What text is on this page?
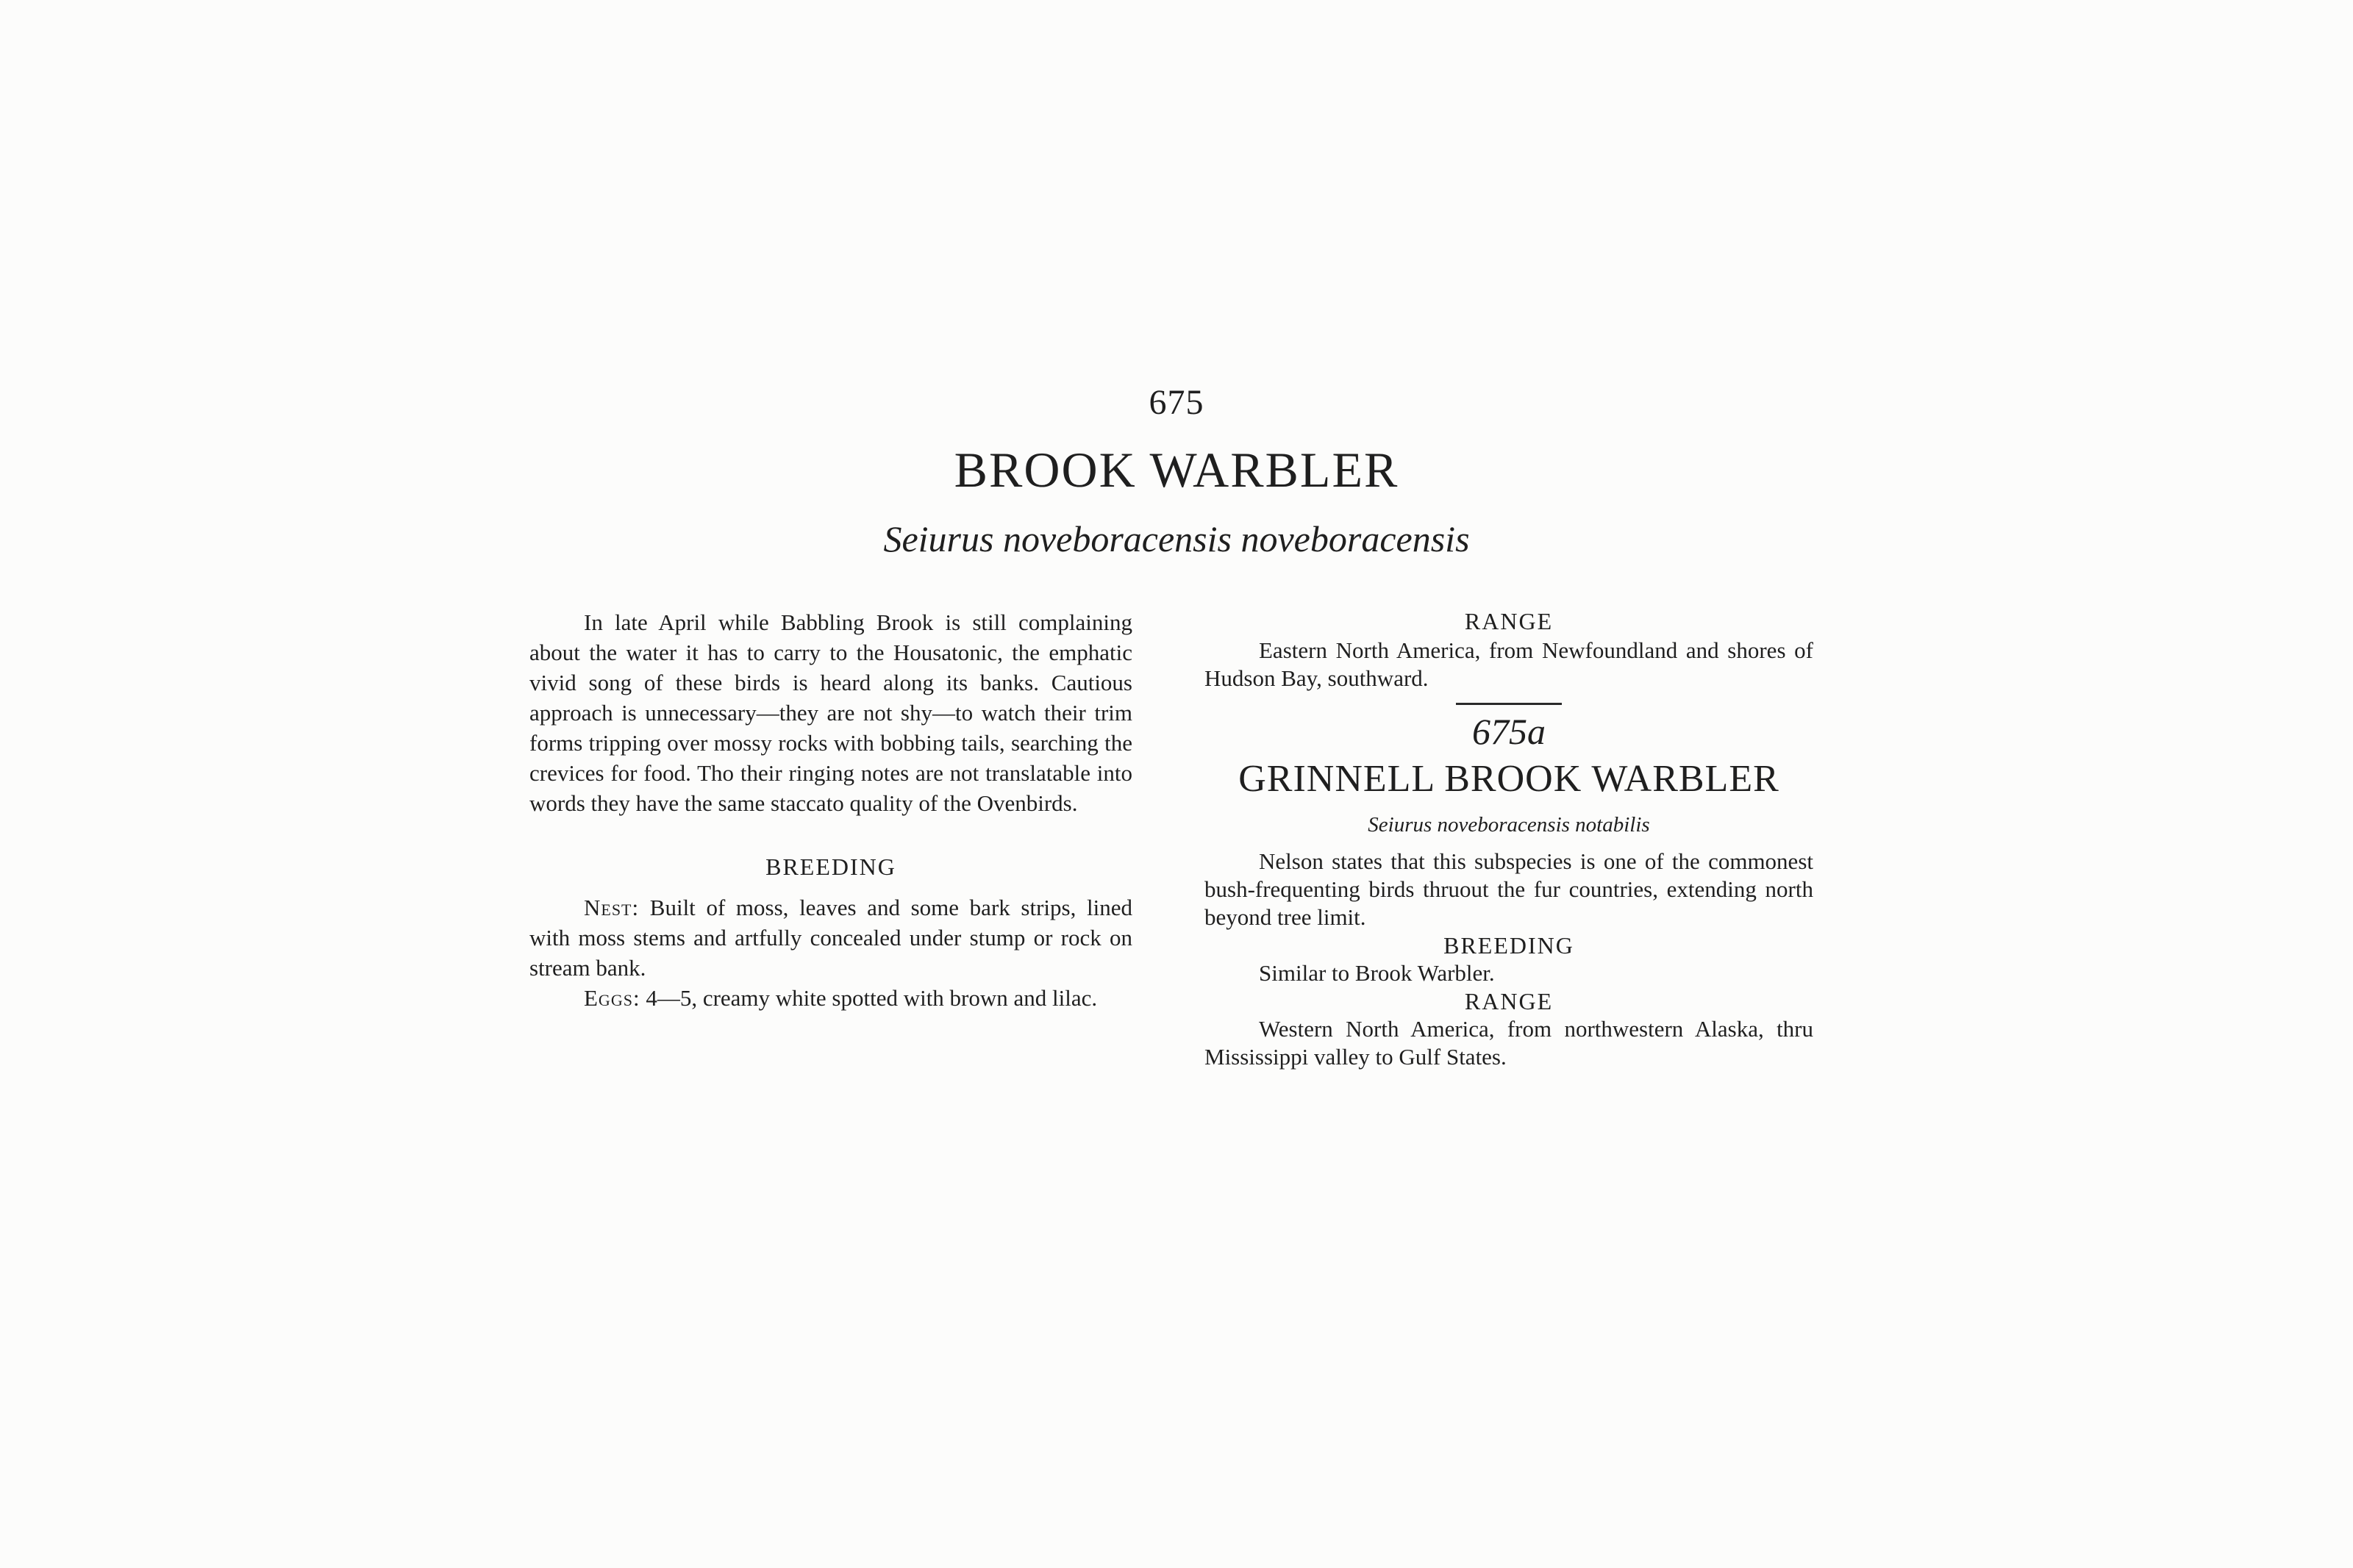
675
BROOK WARBLER
Seiurus noveboracensis noveboracensis

In late April while Babbling Brook is still complaining about the water it has to carry to the Housatonic, the emphatic vivid song of these birds is heard along its banks. Cautious approach is unnecessary—they are not shy—to watch their trim forms tripping over mossy rocks with bobbing tails, searching the crevices for food. Tho their ringing notes are not translatable into words they have the same staccato quality of the Ovenbirds.

BREEDING

Nest: Built of moss, leaves and some bark strips, lined with moss stems and artfully concealed under stump or rock on stream bank.

Eggs: 4—5, creamy white spotted with brown and lilac.

RANGE

Eastern North America, from Newfoundland and shores of Hudson Bay, southward.

675a
GRINNELL BROOK WARBLER
Seiurus noveboracensis notabilis

Nelson states that this subspecies is one of the commonest bush-frequenting birds thruout the fur countries, extending north beyond tree limit.

BREEDING

Similar to Brook Warbler.

RANGE

Western North America, from northwestern Alaska, thru Mississippi valley to Gulf States.
